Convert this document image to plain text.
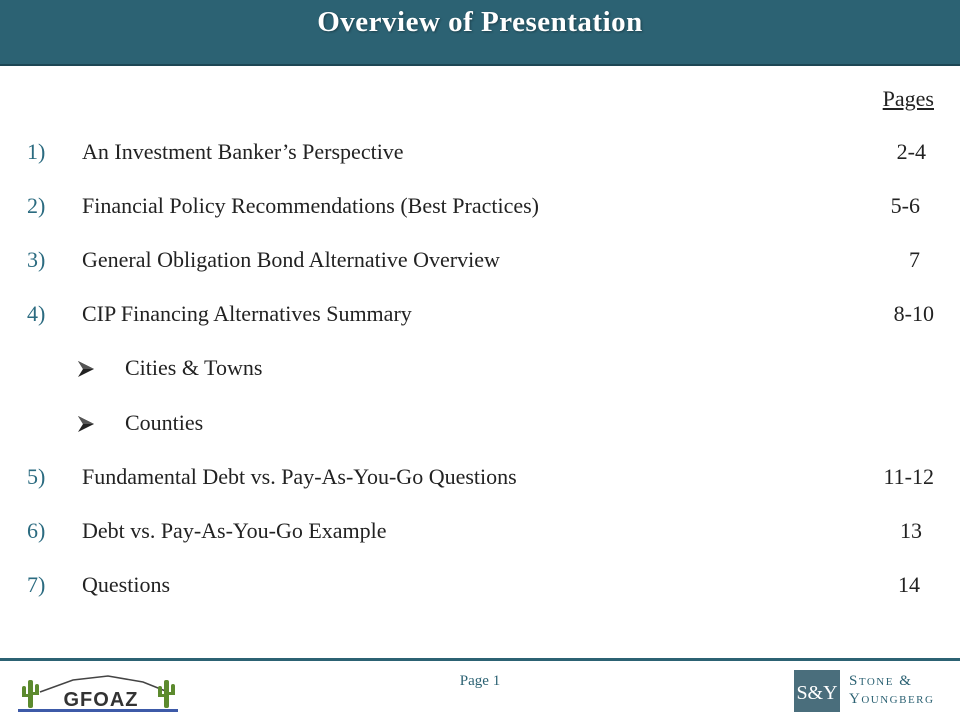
Overview of Presentation
Pages
1) An Investment Banker’s Perspective	2-4
2) Financial Policy Recommendations (Best Practices)	5-6
3) General Obligation Bond Alternative Overview	7
4) CIP Financing Alternatives Summary	8-10
Cities & Towns
Counties
5) Fundamental Debt vs. Pay-As-You-Go Questions	11-12
6) Debt vs. Pay-As-You-Go Example	13
7) Questions	14
GFOAZ
Page 1
S&Y
Stone &
Youngberg
